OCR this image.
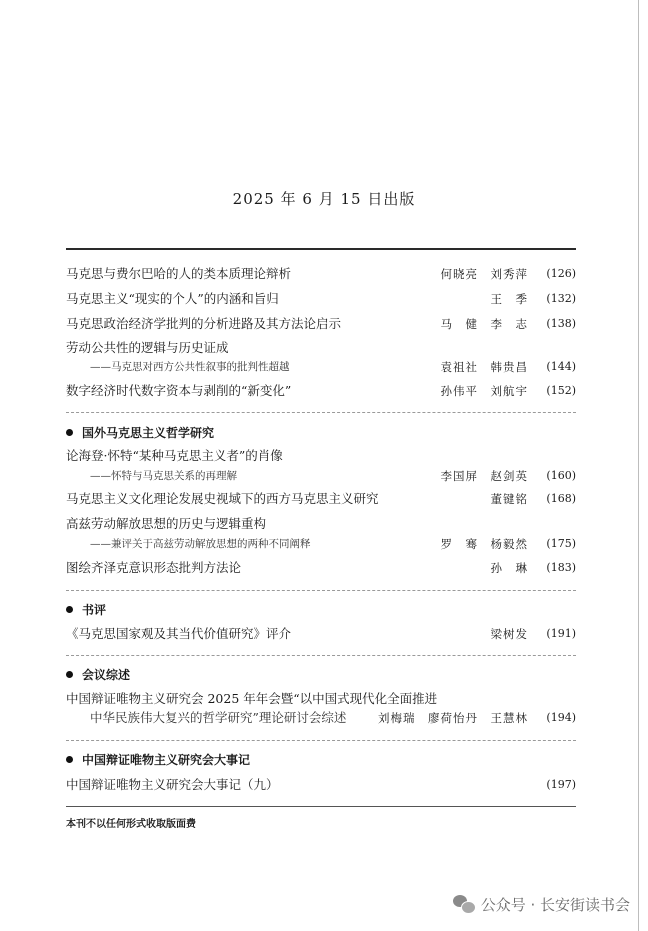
2025 年 6 月 15 日出版
马克思与费尔巴哈的人的类本质理论辩析	何晓亮　刘秀萍 (126)
马克思主义“现实的个人”的内涵和旨归	王　季 (132)
马克思政治经济学批判的分析进路及其方法论启示	马　健　李　志 (138)
劳动公共性的逻辑与历史证成
——马克思对西方公共性叙事的批判性超越	袁祖社　韩贵昌 (144)
数字经济时代数字资本与剥削的“新变化”	孙伟平　刘航宇 (152)
国外马克思主义哲学研究
论海登·怀特“某种马克思主义者”的肖像
——怀特与马克思关系的再理解	李国屏　赵剑英 (160)
马克思主义文化理论发展史视域下的西方马克思主义研究	董键铭 (168)
高兹劳动解放思想的历史与逻辑重构
——兼评关于高兹劳动解放思想的两种不同阐释	罗　骞　杨毅然 (175)
图绘齐泽克意识形态批判方法论	孙　琳 (183)
书评
《马克思国家观及其当代价值研究》评介	梁树发 (191)
会议综述
中国辩证唯物主义研究会 2025 年年会暨“以中国式现代化全面推进
中华民族伟大复兴的哲学研究”理论研讨会综述	刘梅瑞　廖荷怡丹　王慧林 (194)
中国辩证唯物主义研究会大事记
中国辩证唯物主义研究会大事记（九）	(197)
本刊不以任何形式收取版面费
公众号 · 长安街读书会
